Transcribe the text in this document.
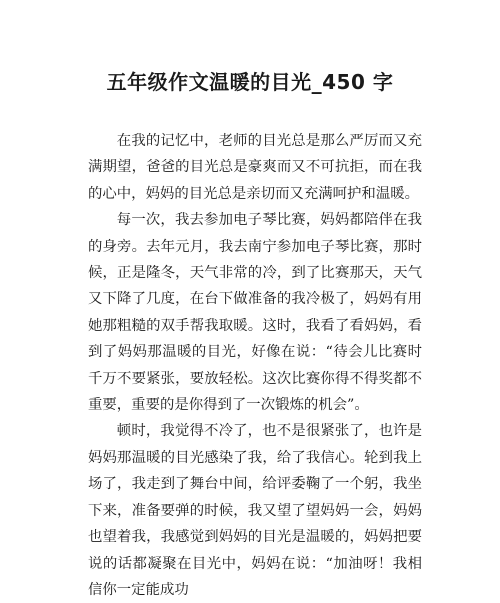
五年级作文温暖的目光_450 字

在我的记忆中，老师的目光总是那么严厉而又充满期望，爸爸的目光总是豪爽而又不可抗拒，而在我的心中，妈妈的目光总是亲切而又充满呵护和温暖。

每一次，我去参加电子琴比赛，妈妈都陪伴在我的身旁。去年元月，我去南宁参加电子琴比赛，那时候，正是隆冬，天气非常的冷，到了比赛那天，天气又下降了几度，在台下做准备的我冷极了，妈妈有用她那粗糙的双手帮我取暖。这时，我看了看妈妈，看到了妈妈那温暖的目光，好像在说：“待会儿比赛时千万不要紧张，要放轻松。这次比赛你得不得奖都不重要，重要的是你得到了一次锻炼的机会”。

顿时，我觉得不冷了，也不是很紧张了，也许是妈妈那温暖的目光感染了我，给了我信心。轮到我上场了，我走到了舞台中间，给评委鞠了一个躬，我坐下来，准备要弹的时候，我又望了望妈妈一会，妈妈也望着我，我感觉到妈妈的目光是温暖的，妈妈把要说的话都凝聚在目光中，妈妈在说：“加油呀！我相信你一定能成功
